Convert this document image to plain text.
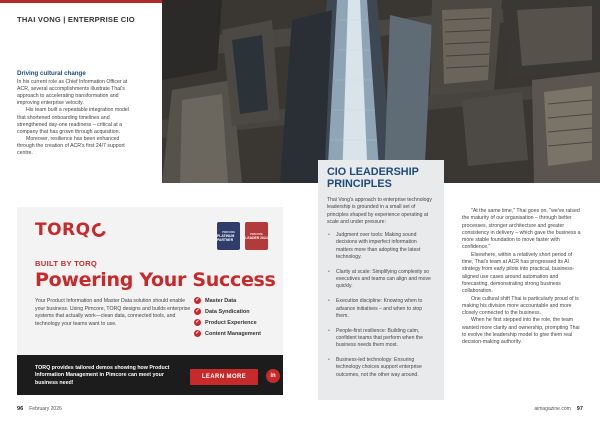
THAI VONG | ENTERPRISE CIO
Driving cultural change

In his current role as Chief Information Officer at ACR, several accomplishments illustrate Thai's approach to accelerating transformation and improving enterprise velocity.

His team built a repeatable integration model that shortened onboarding timelines and strengthened day-one readiness – critical at a company that has grown through acquisition.

Moreover, resilience has been enhanced through the creation of ACR's first 24/7 support centre.

TORQ	PIMCORE
PLATINUM PARTNER
PIMCORE
LEADER 2024
BUILT BY TORQ
Powering Your Success
Your Product Information and Master Data solution should enable your business. Using Pimcore, TORQ designs and builds enterprise systems that actually work—clean data, connected tools, and technology your teams want to use.
✓ Master Data
✓ Data Syndication
✓ Product Experience
✓ Content Management
TORQ provides tailored demos showing how Product Information Management in Pimcore can meet your business need!
LEARN MORE	in
CIO LEADERSHIP
PRINCIPLES

Thai Vong's approach to enterprise technology leadership is grounded in a small set of principles shaped by experience operating at scale and under pressure:

• Judgment over tools: Making sound decisions with imperfect information matters more than adopting the latest technology.
• Clarity at scale: Simplifying complexity so executives and teams can align and move quickly.
• Execution discipline: Knowing when to advance initiatives – and when to stop them.
• People-first resilience: Building calm, confident teams that perform when the business needs them most.
• Business-led technology: Ensuring technology choices support enterprise outcomes, not the other way around.

"At the same time," Thai goes on, "we've raised the maturity of our organisation – through better processes, stronger architecture and greater consistency in delivery – which gave the business a more stable foundation to move faster with confidence."

Elsewhere, within a relatively short period of time, Thai's team at ACR has progressed its AI strategy from early pilots into practical, business-aligned use cases around automation and forecasting, demonstrating strong business collaboration.

One cultural shift Thai is particularly proud of is making his division more accountable and more closely connected to the business.

When he first stepped into the role, the team wanted more clarity and ownership, prompting Thai to evolve the leadership model to give them real decision-making authority.

96 February 2026	aimagazine.com 97
